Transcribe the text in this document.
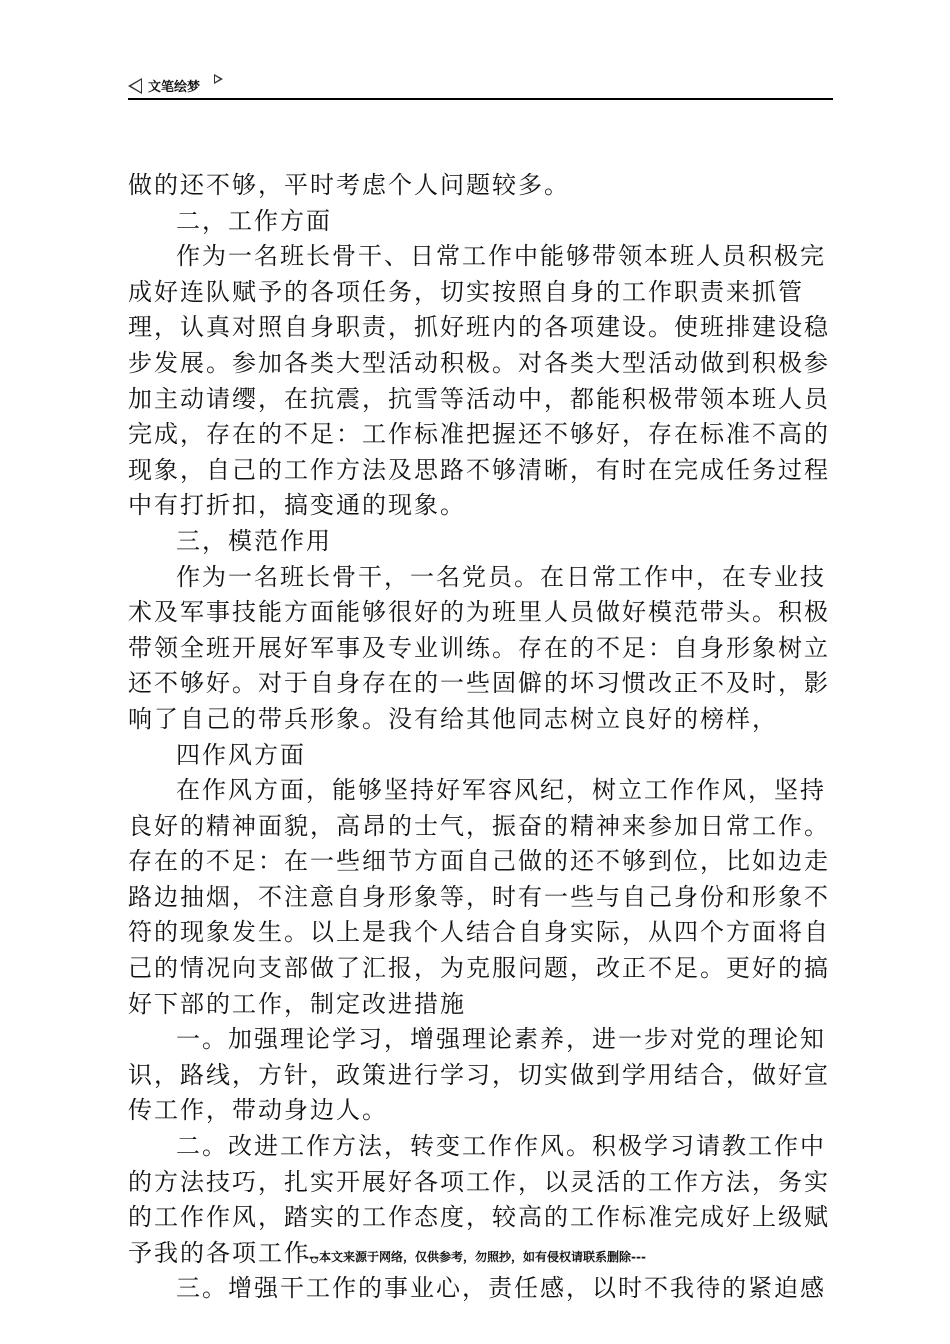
文笔绘梦

做的还不够，平时考虑个人问题较多。

二，工作方面

作为一名班长骨干、日常工作中能够带领本班人员积极完成好连队赋予的各项任务，切实按照自身的工作职责来抓管理，认真对照自身职责，抓好班内的各项建设。使班排建设稳步发展。参加各类大型活动积极。对各类大型活动做到积极参加主动请缨，在抗震，抗雪等活动中，都能积极带领本班人员完成，存在的不足：工作标准把握还不够好，存在标准不高的现象，自己的工作方法及思路不够清晰，有时在完成任务过程中有打折扣，搞变通的现象。

三，模范作用

作为一名班长骨干，一名党员。在日常工作中，在专业技术及军事技能方面能够很好的为班里人员做好模范带头。积极带领全班开展好军事及专业训练。存在的不足：自身形象树立还不够好。对于自身存在的一些固僻的坏习惯改正不及时，影响了自己的带兵形象。没有给其他同志树立良好的榜样，

四作风方面

在作风方面，能够坚持好军容风纪，树立工作作风，坚持良好的精神面貌，高昂的士气，振奋的精神来参加日常工作。存在的不足：在一些细节方面自己做的还不够到位，比如边走路边抽烟，不注意自身形象等，时有一些与自己身份和形象不符的现象发生。以上是我个人结合自身实际，从四个方面将自己的情况向支部做了汇报，为克服问题，改正不足。更好的搞好下部的工作，制定改进措施

一。加强理论学习，增强理论素养，进一步对党的理论知识，路线，方针，政策进行学习，切实做到学用结合，做好宣传工作，带动身边人。

二。改进工作方法，转变工作作风。积极学习请教工作中的方法技巧，扎实开展好各项工作，以灵活的工作方法，务实的工作作风，踏实的工作态度，较高的工作标准完成好上级赋予我的各项工作。

三。增强干工作的事业心，责任感，以时不我待的紧迫感

---本文来源于网络，仅供参考，勿照抄，如有侵权请联系删除---
